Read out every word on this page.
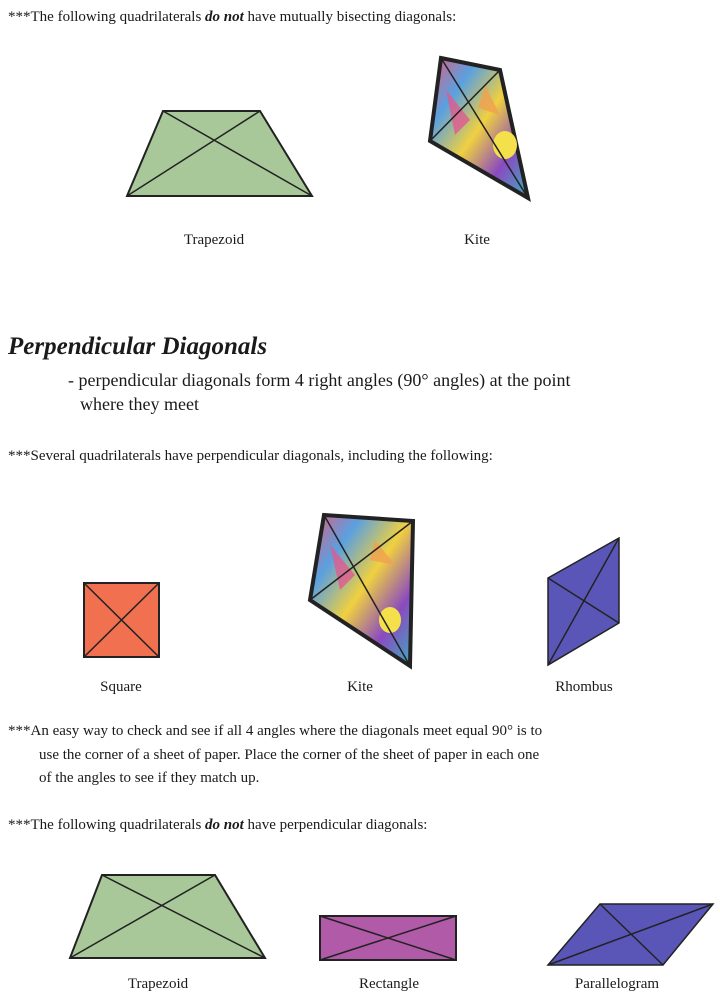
***The following quadrilaterals do not have mutually bisecting diagonals:
Trapezoid	Kite
Perpendicular Diagonals
- perpendicular diagonals form 4 right angles (90° angles) at the point
where they meet
***Several quadrilaterals have perpendicular diagonals, including the following:
Square	Kite	Rhombus
***An easy way to check and see if all 4 angles where the diagonals meet equal 90° is to
use the corner of a sheet of paper. Place the corner of the sheet of paper in each one
of the angles to see if they match up.
***The following quadrilaterals do not have perpendicular diagonals:
Trapezoid	Rectangle	Parallelogram
